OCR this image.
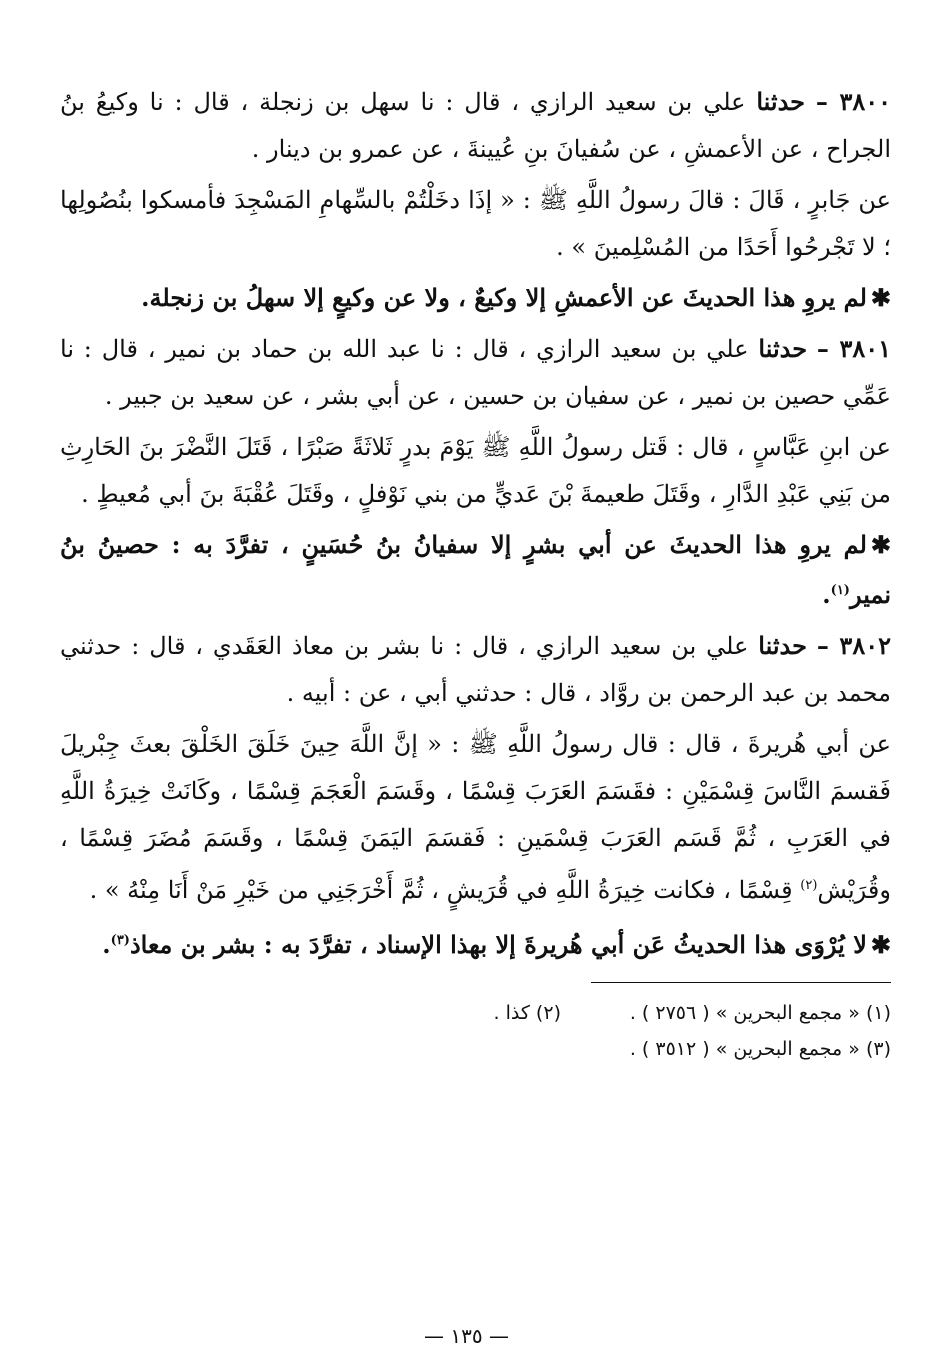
٣٨٠٠ – حدثنا علي بن سعيد الرازي ، قال : نا سهل بن زنجلة ، قال : نا وكيعُ بنُ الجراح ، عن الأعمشِ ، عن سُفيانَ بنِ عُيينةَ ، عن عمرو بن دينار .

عن جَابرٍ ، قَالَ : قالَ رسولُ اللَّهِ ﷺ : « إذَا دخَلْتُمْ بالسِّهامِ المَسْجِدَ فأمسكوا بنُصُولِها ؛ لا تَجْرحُوا أَحَدًا من المُسْلِمينَ » .

✱لم يروِ هذا الحديثَ عن الأعمشِ إلا وكيعٌ ، ولا عن وكيعٍ إلا سهلُ بن زنجلة.

٣٨٠١ – حدثنا علي بن سعيد الرازي ، قال : نا عبد الله بن حماد بن نمير ، قال : نا عَمِّي حصين بن نمير ، عن سفيان بن حسين ، عن أبي بشر ، عن سعيد بن جبير .

عن ابنِ عَبَّاسٍ ، قال : قَتل رسولُ اللَّهِ ﷺ يَوْمَ بدرٍ ثَلاثَةً صَبْرًا ، قَتَلَ النَّضْرَ بنَ الحَارِثِ من بَنِي عَبْدِ الدَّارِ ، وقَتَلَ طعيمةَ بْنَ عَديٍّ من بني نَوْفلٍ ، وقَتَلَ عُقْبَةَ بنَ أبي مُعيطٍ .

✱لم يروِ هذا الحديثَ عن أبي بشرٍ إلا سفيانُ بنُ حُسَينٍ ، تفرَّدَ به : حصينُ بنُ نمير$^{(١)}$.

٣٨٠٢ – حدثنا علي بن سعيد الرازي ، قال : نا بشر بن معاذ العَقَدي ، قال : حدثني محمد بن عبد الرحمن بن روَّاد ، قال : حدثني أبي ، عن : أبيه .

عن أبي هُريرةَ ، قال : قال رسولُ اللَّهِ ﷺ : « إنَّ اللَّهَ حِينَ خَلَقَ الخَلْقَ بعثَ جِبْريلَ فَقسمَ النَّاسَ قِسْمَيْنِ : فقَسَمَ العَرَبَ قِسْمًا ، وقَسَمَ الْعَجَمَ قِسْمًا ، وكَانَتْ خِيرَةُ اللَّهِ في العَرَبِ ، ثُمَّ قَسَم العَرَبَ قِسْمَينِ : فَقسَمَ اليَمَنَ قِسْمًا ، وقَسَمَ مُضَرَ قِسْمًا ، وقُرَيْش$^{(٢)}$ قِسْمًا ، فكانت خِيرَةُ اللَّهِ في قُرَيشٍ ، ثُمَّ أَخْرَجَنِي من خَيْرِ مَنْ أَنَا مِنْهُ » .

✱لا يُرْوَى هذا الحديثُ عَن أبي هُريرةَ إلا بهذا الإسناد ، تفرَّدَ به : بشر بن معاذ$^{(٣)}$.

(١) « مجمع البحرين » ( ٢٧٥٦ ) .
(٢) كذا .
(٣) « مجمع البحرين » ( ٣٥١٢ ) .
— ١٣٥ —
